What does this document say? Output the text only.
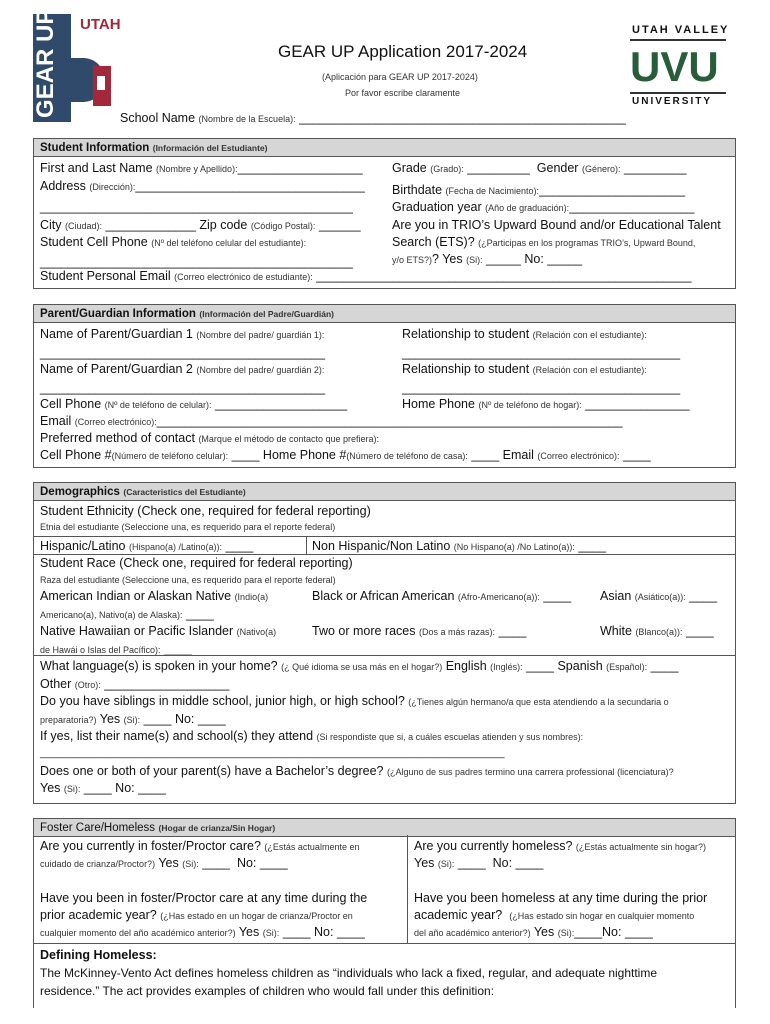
GEAR UP UTAH
GEAR UP Application 2017-2024
(Aplicación para GEAR UP 2017-2024)
Por favor escribe claramente
UTAH VALLEY
UVU
UNIVERSITY
School Name (Nombre de la Escuela): _______________________________________________
Student Information (Información del Estudiante)
First and Last Name (Nombre y Apellido):__________________
Address (Dirección):_________________________________
_____________________________________________
City (Ciudad): _____________ Zip code (Código Postal): ______
Student Cell Phone (Nº del teléfono celular del estudiante):
_____________________________________________
Student Personal Email (Correo electrónico de estudiante): ______________________________________________________
Grade (Grado): _________ Gender (Género): _________
Birthdate (Fecha de Nacimiento):_____________________
Graduation year (Año de graduación):__________________
Are you in TRIO’s Upward Bound and/or Educational Talent
Search (ETS)? (¿Participas en los programas TRIO’s, Upward Bound,
y/o ETS?)? Yes (Si): _____ No: _____
Parent/Guardian Information (Información del Padre/Guardián)
Name of Parent/Guardian 1 (Nombre del padre/ guardián 1):
_________________________________________
Relationship to student (Relación con el estudiante):
________________________________________
Name of Parent/Guardian 2 (Nombre del padre/ guardián 2):
_________________________________________
Relationship to student (Relación con el estudiante):
________________________________________
Cell Phone (Nº de teléfono de celular): ___________________	Home Phone (Nº de teléfono de hogar): _______________
Email (Correo electrónico):___________________________________________________________________
Preferred method of contact (Marque el método de contacto que prefiera):
Cell Phone #(Número de teléfono celular): ____ Home Phone #(Número de teléfono de casa): ____ Email (Correo electrónico): ____
Demographics (Caracteristics del Estudiante)
Student Ethnicity (Check one, required for federal reporting)
Etnia del estudiante (Seleccione una, es requerido para el reporte federal)
Hispanic/Latino (Hispano(a) /Latino(a)): ____	Non Hispanic/Non Latino (No Hispano(a) /No Latino(a)): ____
Student Race (Check one, required for federal reporting)
Raza del estudiante (Seleccione una, es requerido para el reporte federal)
American Indian or Alaskan Native (Indio(a)
Americano(a), Nativo(a) de Alaska): ____
Black or African American (Afro-Americano(a)): ____ Asian (Asiático(a)): ____
Native Hawaiian or Pacific Islander (Nativo(a)
de Hawái o Islas del Pacífico): ____
Two or more races (Dos a más razas): ____	White (Blanco(a)): ____
What language(s) is spoken in your home? (¿ Qué idioma se usa más en el hogar?) English (Inglés): ____ Spanish (Español): ____
Other (Otro): __________________
Do you have siblings in middle school, junior high, or high school? (¿Tienes algún hermano/a que esta atendiendo a la secundaria o
preparatoria?) Yes (Si): ____ No: ____
If yes, list their name(s) and school(s) they attend (Si respondiste que si, a cuáles escuelas atienden y sus nombres):
__________________________________________________________________________________
Does one or both of your parent(s) have a Bachelor’s degree? (¿Alguno de sus padres termino una carrera professional (licenciatura)?
Yes (Si): ____ No: ____
Foster Care/Homeless (Hogar de crianza/Sin Hogar)
Are you currently in foster/Proctor care? (¿Estás actualmente en
cuidado de crianza/Proctor?) Yes (Si): ____ No: ____
Are you currently homeless? (¿Estás actualmente sin hogar?)
Yes (Si): ____ No: ____
Have you been in foster/Proctor care at any time during the
prior academic year? (¿Has estado en un hogar de crianza/Proctor en
cualquier momento del año académico anterior?) Yes (Si): ____ No: ____
Have you been homeless at any time during the prior
academic year? (¿Has estado sin hogar en cualquier momento
del año académico anterior?) Yes (Si):____No: ____
Defining Homeless:
The McKinney-Vento Act defines homeless children as “individuals who lack a fixed, regular, and adequate nighttime
residence.” The act provides examples of children who would fall under this definition:
